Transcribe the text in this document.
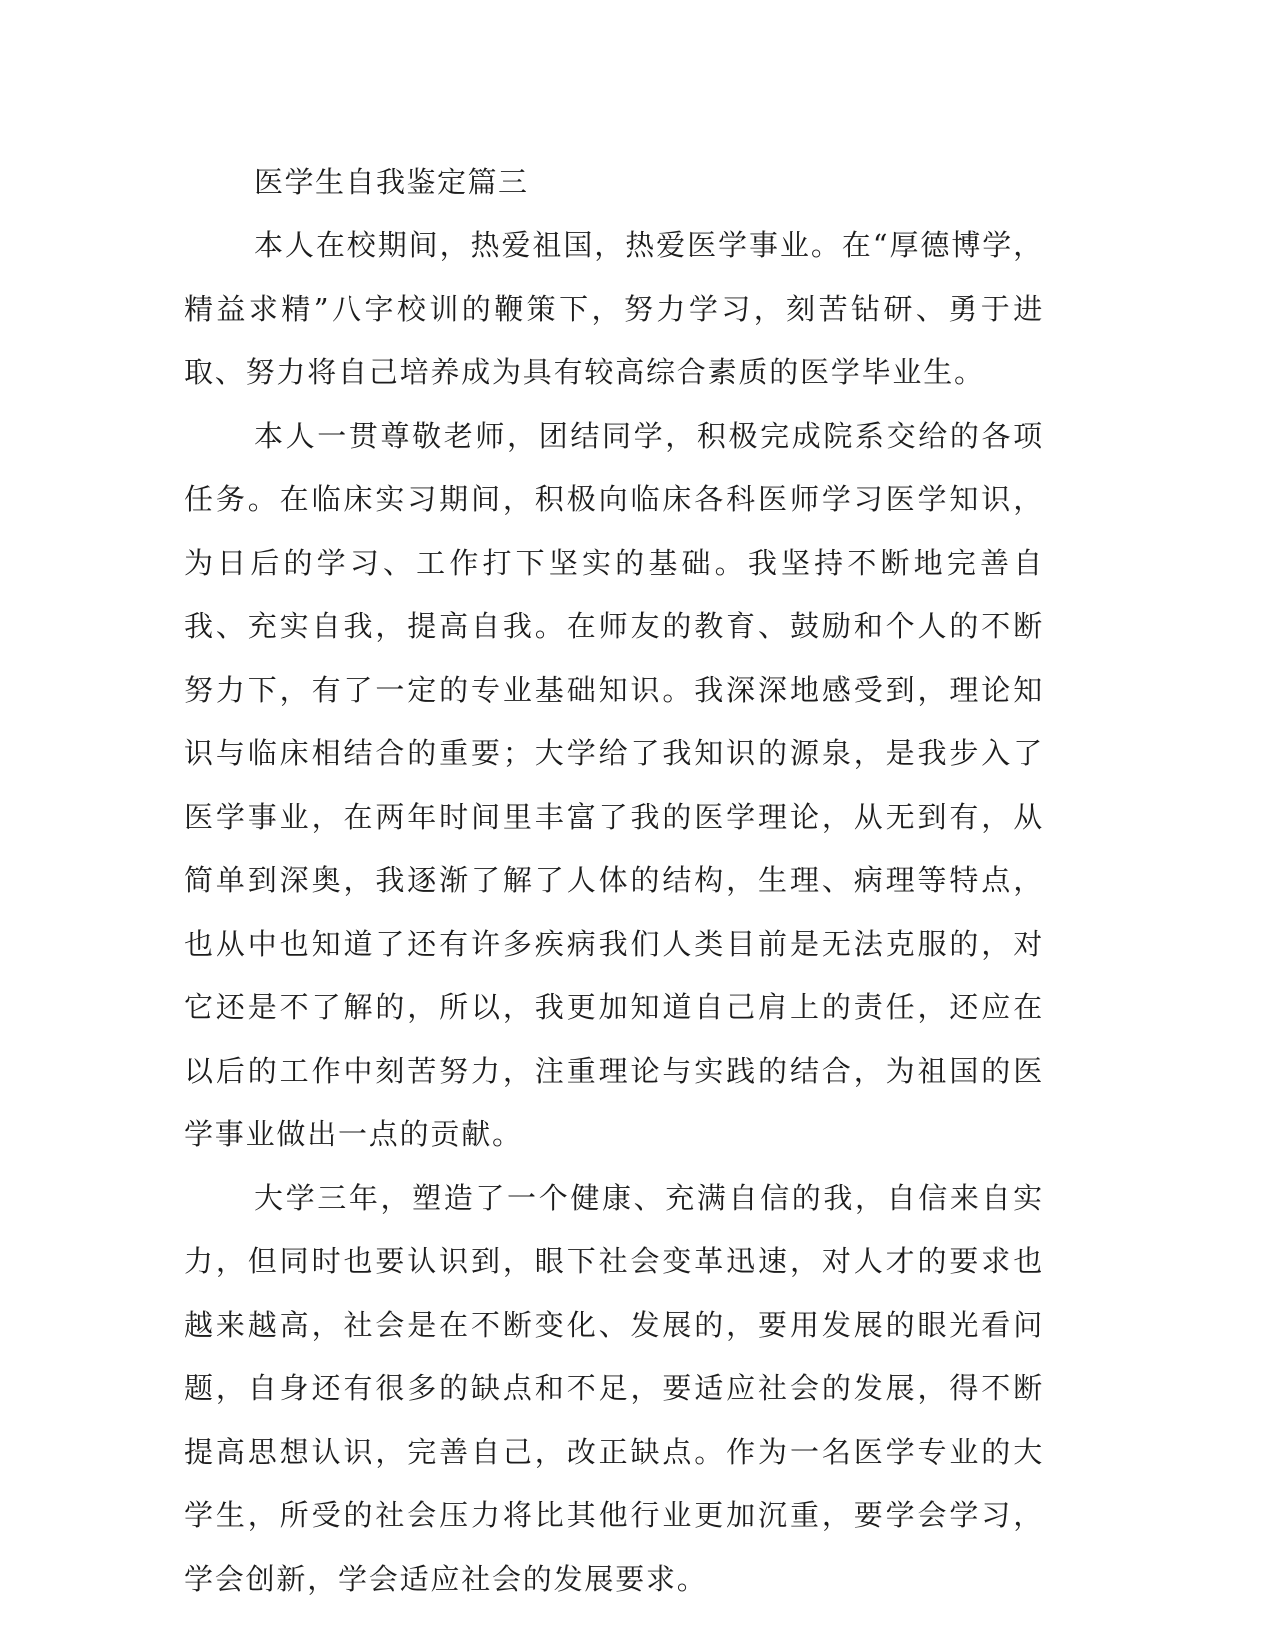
医学生自我鉴定篇三

本人在校期间，热爱祖国，热爱医学事业。在“厚德博学，精益求精”八字校训的鞭策下，努力学习，刻苦钻研、勇于进取、努力将自己培养成为具有较高综合素质的医学毕业生。

本人一贯尊敬老师，团结同学，积极完成院系交给的各项任务。在临床实习期间，积极向临床各科医师学习医学知识，为日后的学习、工作打下坚实的基础。我坚持不断地完善自我、充实自我，提高自我。在师友的教育、鼓励和个人的不断努力下，有了一定的专业基础知识。我深深地感受到，理论知识与临床相结合的重要；大学给了我知识的源泉，是我步入了医学事业，在两年时间里丰富了我的医学理论，从无到有，从简单到深奥，我逐渐了解了人体的结构，生理、病理等特点，也从中也知道了还有许多疾病我们人类目前是无法克服的，对它还是不了解的，所以，我更加知道自己肩上的责任，还应在以后的工作中刻苦努力，注重理论与实践的结合，为祖国的医学事业做出一点的贡献。

大学三年，塑造了一个健康、充满自信的我，自信来自实力，但同时也要认识到，眼下社会变革迅速，对人才的要求也越来越高，社会是在不断变化、发展的，要用发展的眼光看问题，自身还有很多的缺点和不足，要适应社会的发展，得不断提高思想认识，完善自己，改正缺点。作为一名医学专业的大学生，所受的社会压力将比其他行业更加沉重，要学会学习，学会创新，学会适应社会的发展要求。
